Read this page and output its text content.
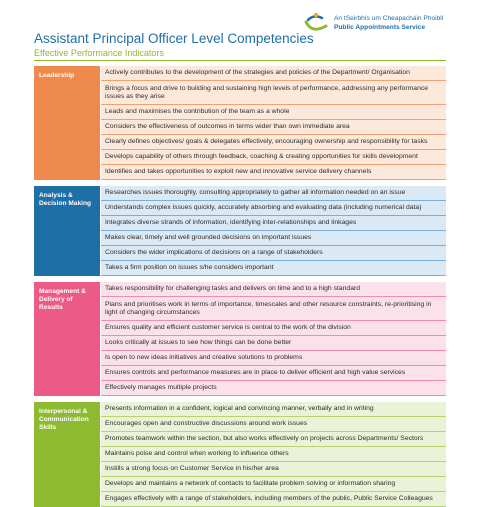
Assistant Principal Officer Level Competencies
Effective Performance Indicators
An tSeirbhís um Cheapacháin Phoiblí
Public Appointments Service
Leadership	Actively contributes to the development of the strategies and policies of the Department/ Organisation
Brings a focus and drive to building and sustaining high levels of performance, addressing any performance issues as they arise
Leads and maximises the contribution of the team as a whole
Considers the effectiveness of outcomes in terms wider than own immediate area
Clearly defines objectives/ goals & delegates effectively, encouraging ownership and responsibility for tasks
Develops capability of others through feedback, coaching & creating opportunities for skills development
Identifies and takes opportunities to exploit new and innovative service delivery channels
Analysis & Decision Making
Researches issues thoroughly, consulting appropriately to gather all information needed on an issue
Understands complex issues quickly, accurately absorbing and evaluating data (including numerical data)
Integrates diverse strands of information, identifying inter-relationships and linkages
Makes clear, timely and well grounded decisions on important issues
Considers the wider implications of decisions on a range of stakeholders
Takes a firm position on issues s/he considers important
Management & Delivery of Results
Takes responsibility for challenging tasks and delivers on time and to a high standard
Plans and prioritises work in terms of importance, timescales and other resource constraints, re-prioritising in light of changing circumstances
Ensures quality and efficient customer service is central to the work of the division
Looks critically at issues to see how things can be done better
Is open to new ideas initiatives and creative solutions to problems
Ensures controls and performance measures are in place to deliver efficient and high value services
Effectively manages multiple projects
Interpersonal & Communication Skills
Presents information in a confident, logical and convincing manner, verbally and in writing
Encourages open and constructive discussions around work issues
Promotes teamwork within the section, but also works effectively on projects across Departments/ Sectors
Maintains poise and control when working to influence others
Instills a strong focus on Customer Service in his/her area
Develops and maintains a network of contacts to facilitate problem solving or information sharing
Engages effectively with a range of stakeholders, including members of the public, Public Service Colleagues
